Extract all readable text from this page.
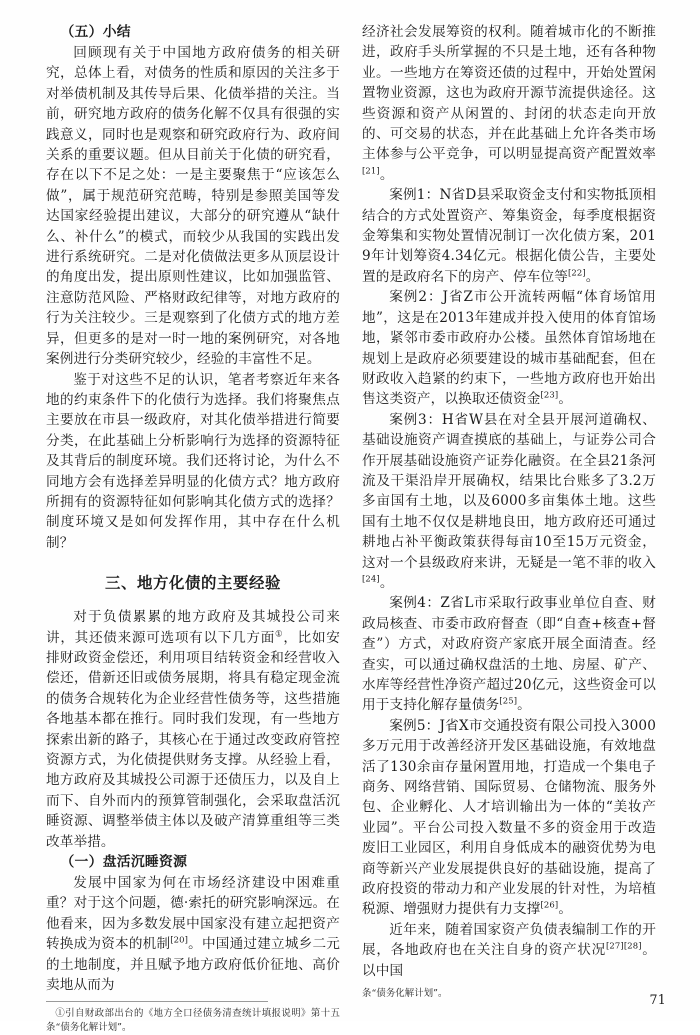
（五）小结

回顾现有关于中国地方政府债务的相关研究，总体上看，对债务的性质和原因的关注多于对举债机制及其传导后果、化债举措的关注。当前，研究地方政府的债务化解不仅具有很强的实践意义，同时也是观察和研究政府行为、政府间关系的重要议题。但从目前关于化债的研究看，存在以下不足之处：一是主要聚焦于“应该怎么做”，属于规范研究范畴，特别是参照美国等发达国家经验提出建议，大部分的研究遵从“缺什么、补什么”的模式，而较少从我国的实践出发进行系统研究。二是对化债做法更多从顶层设计的角度出发，提出原则性建议，比如加强监管、注意防范风险、严格财政纪律等，对地方政府的行为关注较少。三是观察到了化债方式的地方差异，但更多的是对一时一地的案例研究，对各地案例进行分类研究较少，经验的丰富性不足。

鉴于对这些不足的认识，笔者考察近年来各地的约束条件下的化债行为选择。我们将聚焦点主要放在市县一级政府，对其化债举措进行简要分类，在此基础上分析影响行为选择的资源特征及其背后的制度环境。我们还将讨论，为什么不同地方会有选择差异明显的化债方式？地方政府所拥有的资源特征如何影响其化债方式的选择？制度环境又是如何发挥作用，其中存在什么机制？

三、地方化债的主要经验

对于负债累累的地方政府及其城投公司来讲，其还债来源可选项有以下几方面①，比如安排财政资金偿还，利用项目结转资金和经营收入偿还，借新还旧或债务展期，将具有稳定现金流的债务合规转化为企业经营性债务等，这些措施各地基本都在推行。同时我们发现，有一些地方探索出新的路子，其核心在于通过改变政府管控资源方式，为化债提供财务支撑。从经验上看，地方政府及其城投公司源于还债压力，以及自上而下、自外而内的预算管制强化，会采取盘活沉睡资源、调整举债主体以及破产清算重组等三类改革举措。

（一）盘活沉睡资源

发展中国家为何在市场经济建设中困难重重？对于这个问题，德·索托的研究影响深远。在他看来，因为多数发展中国家没有建立起把资产转换成为资本的机制[20]。中国通过建立城乡二元的土地制度，并且赋予地方政府低价征地、高价卖地从而为

①引自财政部出台的《地方全口径债务清查统计填报说明》第十五条“债务化解计划”。

经济社会发展筹资的权利。随着城市化的不断推进，政府手头所掌握的不只是土地，还有各种物业。一些地方在筹资还债的过程中，开始处置闲置物业资源，这也为政府开源节流提供途径。这些资源和资产从闲置的、封闭的状态走向开放的、可交易的状态，并在此基础上允许各类市场主体参与公平竞争，可以明显提高资产配置效率[21]。

案例1：N省D县采取资金支付和实物抵顶相结合的方式处置资产、筹集资金，每季度根据资金筹集和实物处置情况制订一次化债方案，2019年计划筹资4.34亿元。根据化债公告，主要处置的是政府名下的房产、停车位等[22]。

案例2：J省Z市公开流转两幅“体育场馆用地”，这是在2013年建成并投入使用的体育馆场地，紧邻市委市政府办公楼。虽然体育馆场地在规划上是政府必须要建设的城市基础配套，但在财政收入趋紧的约束下，一些地方政府也开始出售这类资产，以换取还债资金[23]。

案例3：H省W县在对全县开展河道确权、基础设施资产调查摸底的基础上，与证券公司合作开展基础设施资产证券化融资。在全县21条河流及干渠沿岸开展确权，结果比台账多了3.2万多亩国有土地，以及6000多亩集体土地。这些国有土地不仅仅是耕地良田，地方政府还可通过耕地占补平衡政策获得每亩10至15万元资金，这对一个县级政府来讲，无疑是一笔不菲的收入[24]。

案例4：Z省L市采取行政事业单位自查、财政局核查、市委市政府督查（即“自查+核查+督查”）方式，对政府资产家底开展全面清查。经查实，可以通过确权盘活的土地、房屋、矿产、水库等经营性净资产超过20亿元，这些资金可以用于支持化解存量债务[25]。

案例5：J省X市交通投资有限公司投入3000多万元用于改善经济开发区基础设施，有效地盘活了130余亩存量闲置用地，打造成一个集电子商务、网络营销、国际贸易、仓储物流、服务外包、企业孵化、人才培训输出为一体的“美妆产业园”。平台公司投入数量不多的资金用于改造废旧工业园区，利用自身低成本的融资优势为电商等新兴产业发展提供良好的基础设施，提高了政府投资的带动力和产业发展的针对性，为培植税源、增强财力提供有力支撑[26]。

近年来，随着国家资产负债表编制工作的开展，各地政府也在关注自身的资产状况[27][28]。以中国

条“债务化解计划”。	71
